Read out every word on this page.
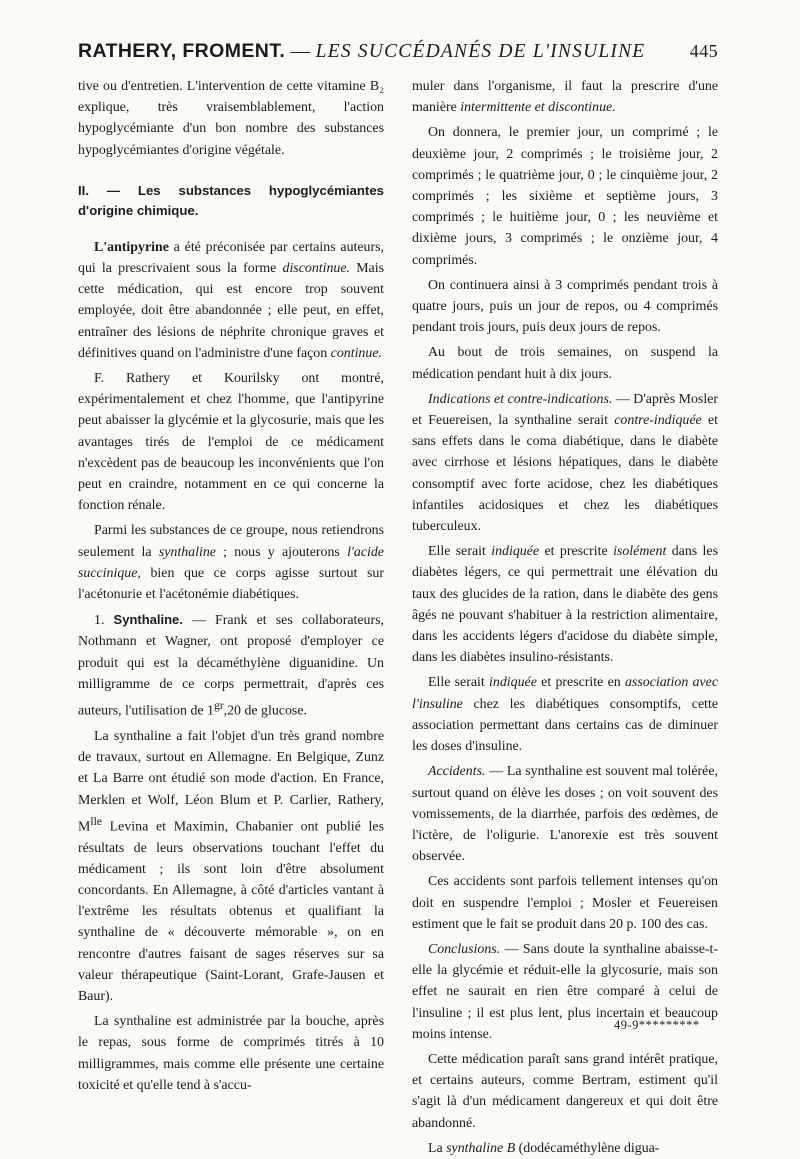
RATHERY, FROMENT. — LES SUCCÉDANÉS DE L'INSULINE 445

tive ou d'entretien. L'intervention de cette vitamine B₂ explique, très vraisemblablement, l'action hypoglycémiante d'un bon nombre des substances hypoglycémiantes d'origine végétale.

II. — Les substances hypoglycémiantes d'origine chimique.

L'antipyrine a été préconisée par certains auteurs, qui la prescrivaient sous la forme discontinue. Mais cette médication, qui est encore trop souvent employée, doit être abandonnée ; elle peut, en effet, entraîner des lésions de néphrite chronique graves et définitives quand on l'administre d'une façon continue.

F. Rathery et Kourilsky ont montré, expérimentalement et chez l'homme, que l'antipyrine peut abaisser la glycémie et la glycosurie, mais que les avantages tirés de l'emploi de ce médicament n'excèdent pas de beaucoup les inconvénients que l'on peut en craindre, notamment en ce qui concerne la fonction rénale.

Parmi les substances de ce groupe, nous retiendrons seulement la synthaline ; nous y ajouterons l'acide succinique, bien que ce corps agisse surtout sur l'acétonurie et l'acétonémie diabétiques.

1. Synthaline. — Frank et ses collaborateurs, Nothmann et Wagner, ont proposé d'employer ce produit qui est la décaméthylène diguanidine. Un milligramme de ce corps permettrait, d'après ces auteurs, l'utilisation de $1^{gr},20$ de glucose.

La synthaline a fait l'objet d'un très grand nombre de travaux, surtout en Allemagne. En Belgique, Zunz et La Barre ont étudié son mode d'action. En France, Merklen et Wolf, Léon Blum et P. Carlier, Rathery, $M^{lle}$ Levina et Maximin, Chabanier ont publié les résultats de leurs observations touchant l'effet du médicament ; ils sont loin d'être absolument concordants. En Allemagne, à côté d'articles vantant à l'extrême les résultats obtenus et qualifiant la synthaline de « découverte mémorable », on en rencontre d'autres faisant de sages réserves sur sa valeur thérapeutique (Saint-Lorant, Grafe-Jausen et Baur).

La synthaline est administrée par la bouche, après le repas, sous forme de comprimés titrés à 10 milligrammes, mais comme elle présente une certaine toxicité et qu'elle tend à s'accu-

muler dans l'organisme, il faut la prescrire d'une manière intermittente et discontinue.

On donnera, le premier jour, un comprimé ; le deuxième jour, 2 comprimés ; le troisième jour, 2 comprimés ; le quatrième jour, 0 ; le cinquième jour, 2 comprimés ; les sixième et septième jours, 3 comprimés ; le huitième jour, 0 ; les neuvième et dixième jours, 3 comprimés ; le onzième jour, 4 comprimés.

On continuera ainsi à 3 comprimés pendant trois à quatre jours, puis un jour de repos, ou 4 comprimés pendant trois jours, puis deux jours de repos.

Au bout de trois semaines, on suspend la médication pendant huit à dix jours.

Indications et contre-indications. — D'après Mosler et Feuereisen, la synthaline serait contre-indiquée et sans effets dans le coma diabétique, dans le diabète avec cirrhose et lésions hépatiques, dans le diabète consomptif avec forte acidose, chez les diabétiques infantiles acidosiques et chez les diabétiques tuberculeux.

Elle serait indiquée et prescrite isolément dans les diabètes légers, ce qui permettrait une élévation du taux des glucides de la ration, dans le diabète des gens âgés ne pouvant s'habituer à la restriction alimentaire, dans les accidents légers d'acidose du diabète simple, dans les diabètes insulino-résistants.

Elle serait indiquée et prescrite en association avec l'insuline chez les diabétiques consomptifs, cette association permettant dans certains cas de diminuer les doses d'insuline.

Accidents. — La synthaline est souvent mal tolérée, surtout quand on élève les doses ; on voit souvent des vomissements, de la diarrhée, parfois des œdèmes, de l'ictère, de l'oligurie. L'anorexie est très souvent observée.

Ces accidents sont parfois tellement intenses qu'on doit en suspendre l'emploi ; Mosler et Feuereisen estiment que le fait se produit dans 20 p. 100 des cas.

Conclusions. — Sans doute la synthaline abaisse-t-elle la glycémie et réduit-elle la glycosurie, mais son effet ne saurait en rien être comparé à celui de l'insuline ; il est plus lent, plus incertain et beaucoup moins intense.

Cette médication paraît sans grand intérêt pratique, et certains auteurs, comme Bertram, estiment qu'il s'agit là d'un médicament dangereux et qui doit être abandonné.

La synthaline B (dodécaméthylène digua-

49-9*********
